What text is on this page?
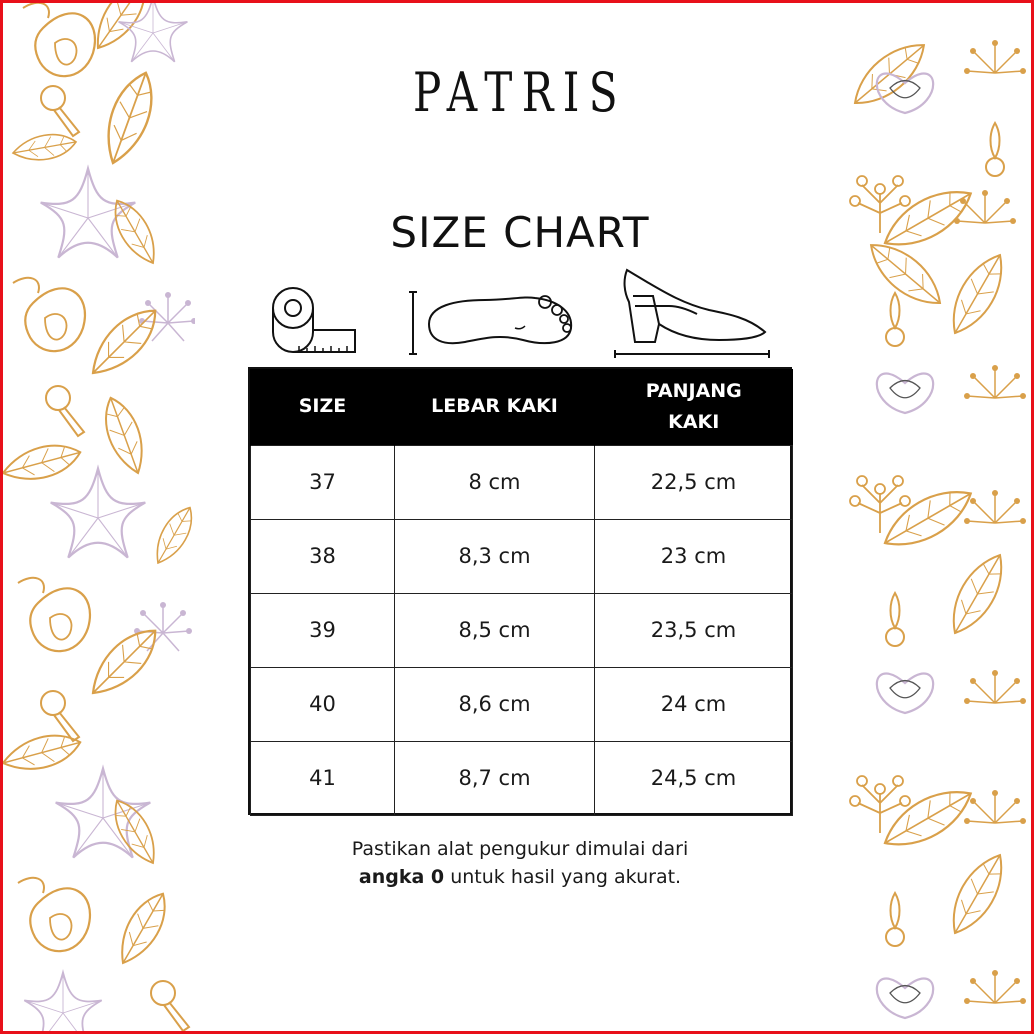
PATRIS
SIZE CHART
SIZE	LEBAR KAKI	PANJANG
KAKI
37	8 cm	22,5 cm
38	8,3 cm	23 cm
39	8,5 cm	23,5 cm
40	8,6 cm	24 cm
41	8,7 cm	24,5 cm
Pastikan alat pengukur dimulai dari
angka 0 untuk hasil yang akurat.
